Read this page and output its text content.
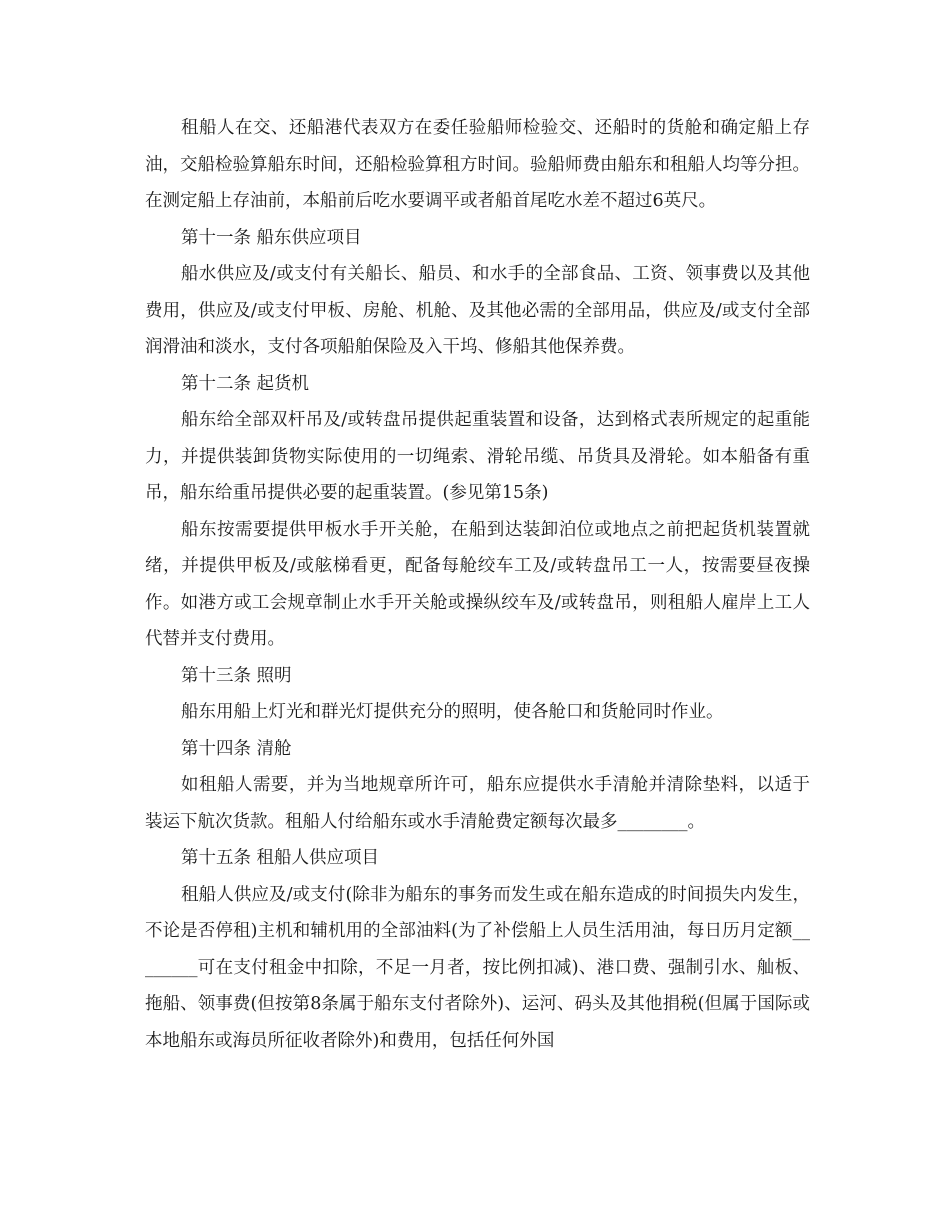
租船人在交、还船港代表双方在委任验船师检验交、还船时的货舱和确定船上存油，交船检验算船东时间，还船检验算租方时间。验船师费由船东和租船人均等分担。在测定船上存油前，本船前后吃水要调平或者船首尾吃水差不超过6英尺。

第十一条 船东供应项目

船水供应及/或支付有关船长、船员、和水手的全部食品、工资、领事费以及其他费用，供应及/或支付甲板、房舱、机舱、及其他必需的全部用品，供应及/或支付全部润滑油和淡水，支付各项船舶保险及入干坞、修船其他保养费。

第十二条 起货机

船东给全部双杆吊及/或转盘吊提供起重装置和设备，达到格式表所规定的起重能力，并提供装卸货物实际使用的一切绳索、滑轮吊缆、吊货具及滑轮。如本船备有重吊，船东给重吊提供必要的起重装置。(参见第15条)

船东按需要提供甲板水手开关舱，在船到达装卸泊位或地点之前把起货机装置就绪，并提供甲板及/或舷梯看更，配备每舱绞车工及/或转盘吊工一人，按需要昼夜操作。如港方或工会规章制止水手开关舱或操纵绞车及/或转盘吊，则租船人雇岸上工人代替并支付费用。

第十三条 照明

船东用船上灯光和群光灯提供充分的照明，使各舱口和货舱同时作业。

第十四条 清舱

如租船人需要，并为当地规章所许可，船东应提供水手清舱并清除垫料，以适于装运下航次货款。租船人付给船东或水手清舱费定额每次最多________。

第十五条 租船人供应项目

租船人供应及/或支付(除非为船东的事务而发生或在船东造成的时间损失内发生，不论是否停租)主机和辅机用的全部油料(为了补偿船上人员生活用油，每日历月定额________可在支付租金中扣除，不足一月者，按比例扣减)、港口费、强制引水、舢板、拖船、领事费(但按第8条属于船东支付者除外)、运河、码头及其他捐税(但属于国际或本地船东或海员所征收者除外)和费用，包括任何外国
